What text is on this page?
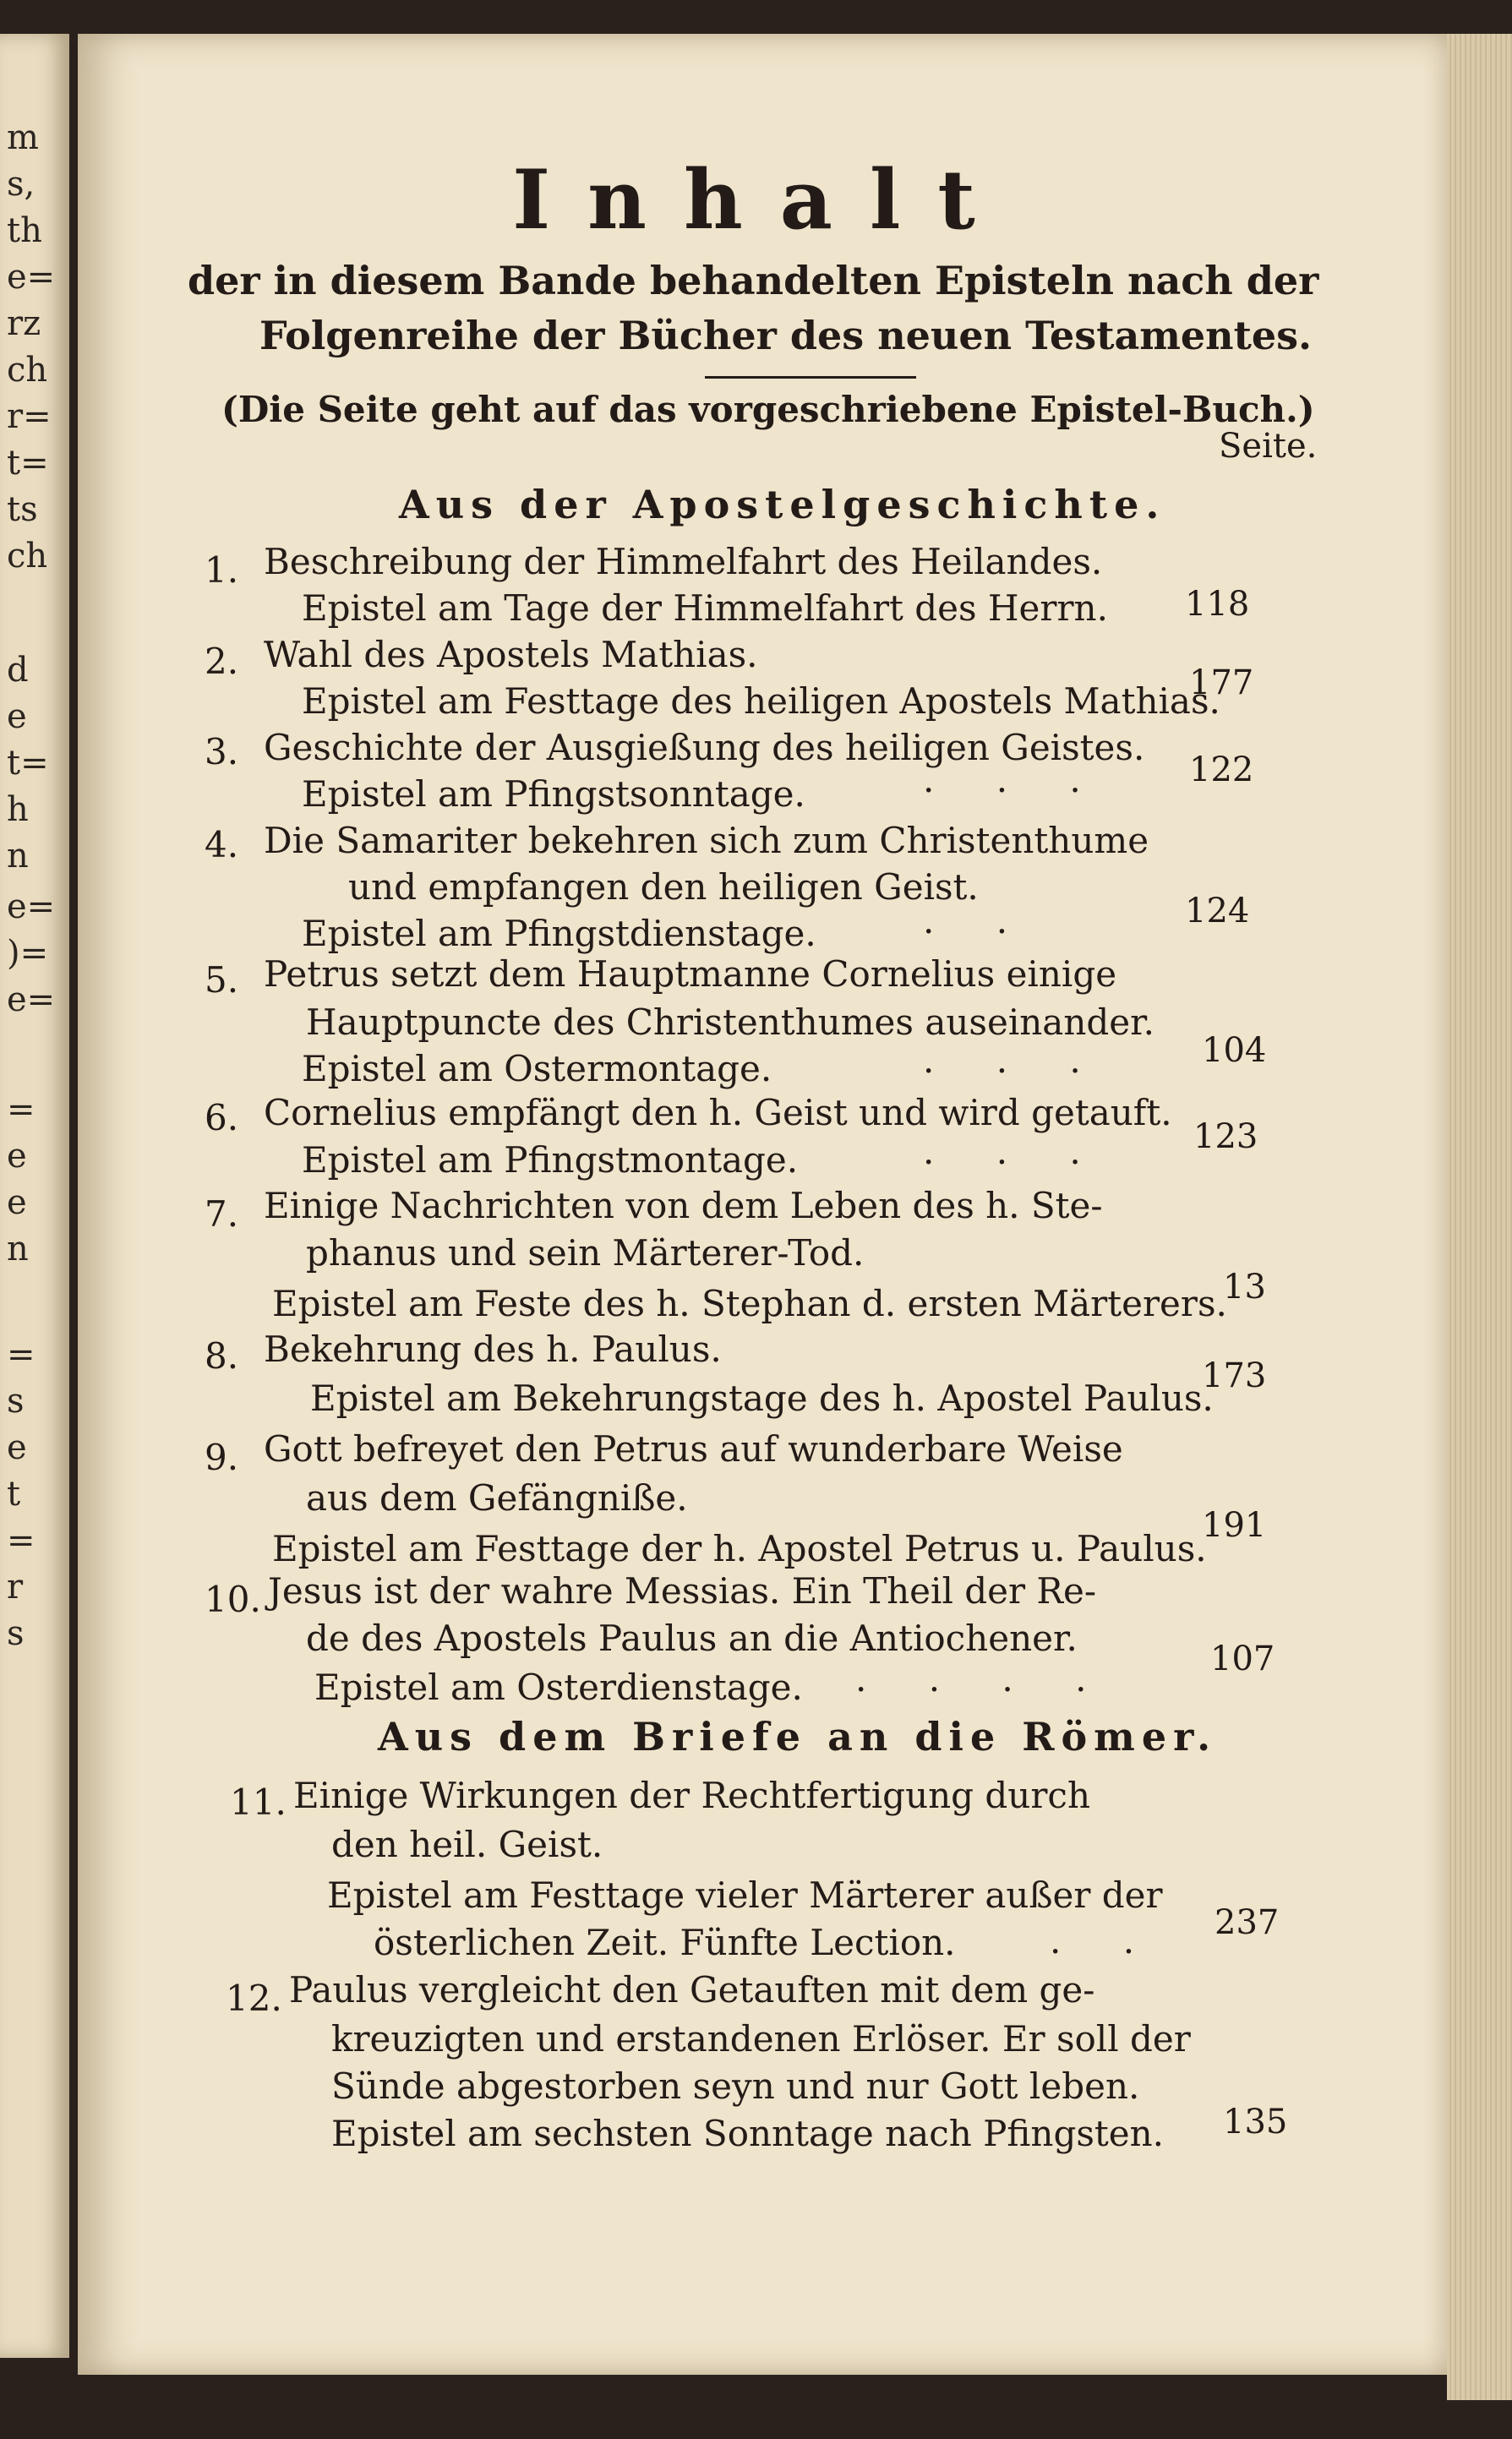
m
s,
th
e=
rz
ch
r=
t=
ts
ch
d
e
t=
h
n
e=
)=
e=
=
e
e
n
=
s
e
t
=
r
s
Inhalt
der in diesem Bande behandelten Episteln nach der
Folgenreihe der Bücher des neuen Testamentes.
(Die Seite geht auf das vorgeschriebene Epistel-Buch.)
Seite.
Aus der Apostelgeschichte.
1. Beschreibung der Himmelfahrt des Heilandes.
Epistel am Tage der Himmelfahrt des Herrn. 118
2. Wahl des Apostels Mathias.
Epistel am Festtage des heiligen Apostels Mathias.
177
3. Geschichte der Ausgießung des heiligen Geistes.
Epistel am Pfingstsonntage.	. . . 122
4. Die Samariter bekehren sich zum Christenthume
und empfangen den heiligen Geist.
Epistel am Pfingstdienstage.	. .	124
5. Petrus setzt dem Hauptmanne Cornelius einige
Hauptpuncte des Christenthumes auseinander.
Epistel am Ostermontage.	. . .	104
6. Cornelius empfängt den h. Geist und wird getauft.
Epistel am Pfingstmontage.	. . .	123
7. Einige Nachrichten von dem Leben des h. Ste-
phanus und sein Märterer-Tod.
Epistel am Feste des h. Stephan d. ersten Märterers.
13
8. Bekehrung des h. Paulus.
Epistel am Bekehrungstage des h. Apostel Paulus.
173
9. Gott befreyet den Petrus auf wunderbare Weise
aus dem Gefängniße.
Epistel am Festtage der h. Apostel Petrus u. Paulus.
191
10. Jesus ist der wahre Messias. Ein Theil der Re-
de des Apostels Paulus an die Antiochener.
Epistel am Osterdienstage. . . . .	107
Aus dem Briefe an die Römer.
11. Einige Wirkungen der Rechtfertigung durch
den heil. Geist.
Epistel am Festtage vieler Märterer außer der
österlichen Zeit. Fünfte Lection.	. . 237
12. Paulus vergleicht den Getauften mit dem ge-
kreuzigten und erstandenen Erlöser. Er soll der
Sünde abgestorben seyn und nur Gott leben.
Epistel am sechsten Sonntage nach Pfingsten. 135
